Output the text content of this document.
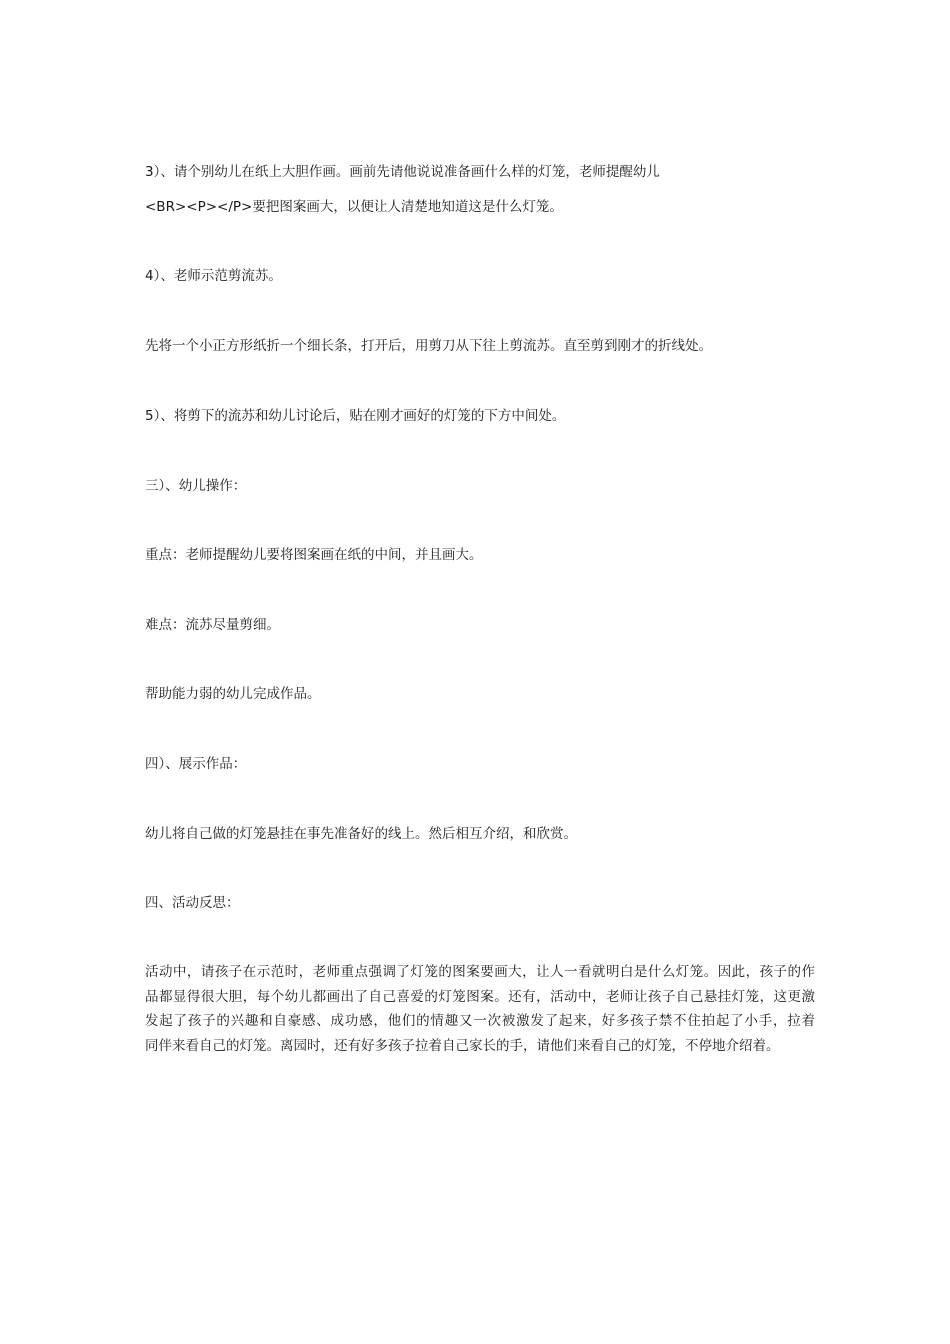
3）、请个别幼儿在纸上大胆作画。画前先请他说说准备画什么样的灯笼，老师提醒幼儿
<BR><P></P>要把图案画大，以便让人清楚地知道这是什么灯笼。

4）、老师示范剪流苏。

先将一个小正方形纸折一个细长条，打开后，用剪刀从下往上剪流苏。直至剪到刚才的折线处。

5）、将剪下的流苏和幼儿讨论后，贴在刚才画好的灯笼的下方中间处。

三）、幼儿操作：

重点：老师提醒幼儿要将图案画在纸的中间，并且画大。

难点：流苏尽量剪细。

帮助能力弱的幼儿完成作品。

四）、展示作品：

幼儿将自己做的灯笼悬挂在事先准备好的线上。然后相互介绍，和欣赏。

四、活动反思：

活动中，请孩子在示范时，老师重点强调了灯笼的图案要画大，让人一看就明白是什么灯笼。因此，孩子的作
品都显得很大胆，每个幼儿都画出了自己喜爱的灯笼图案。还有，活动中，老师让孩子自己悬挂灯笼，这更激
发起了孩子的兴趣和自豪感、成功感，他们的情趣又一次被激发了起来，好多孩子禁不住拍起了小手，拉着
同伴来看自己的灯笼。离园时，还有好多孩子拉着自己家长的手，请他们来看自己的灯笼，不停地介绍着。
